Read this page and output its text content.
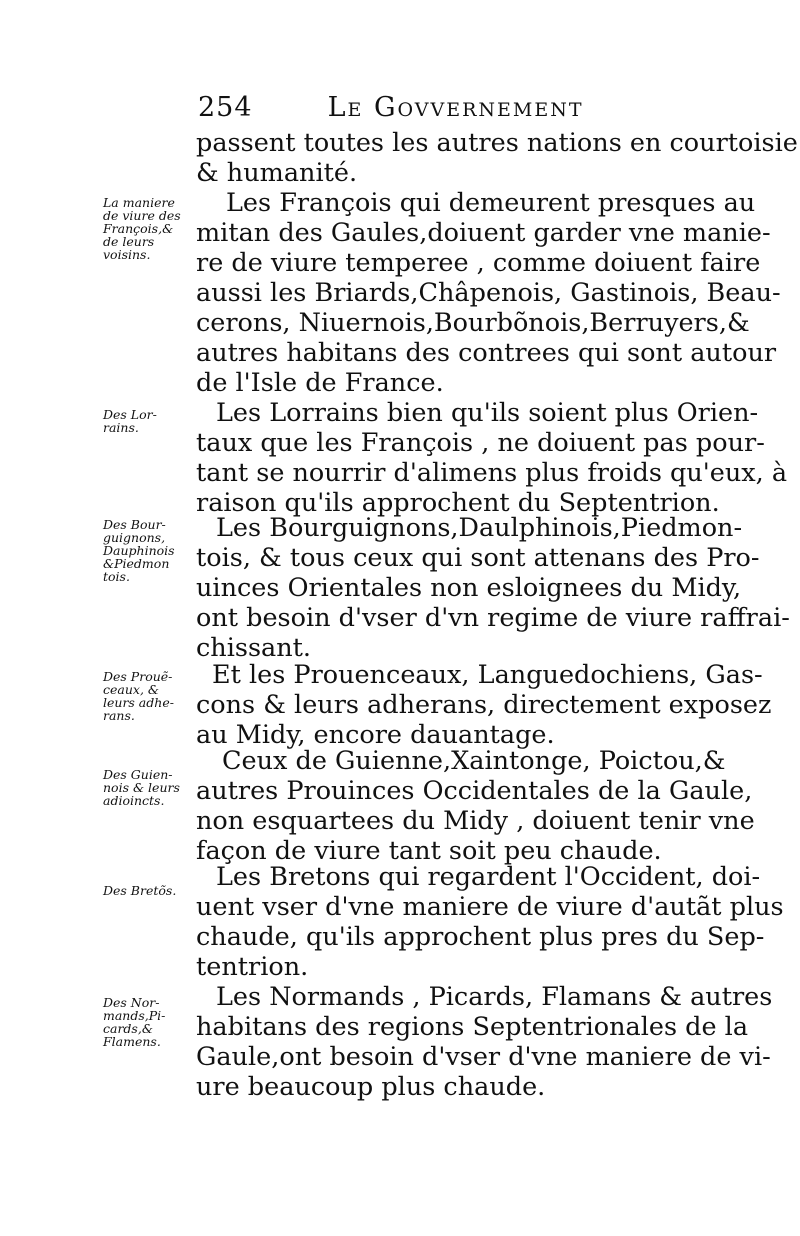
254	Le Govvernement

passent toutes les autres nations en courtoisie

& humanité.

Les François qui demeurent presques au

mitan des Gaules,doiuent garder vne manie-

re de viure temperee , comme doiuent faire

aussi les Briards,Châpenois, Gastinois, Beau-

cerons, Niuernois,Bourbõnois,Berruyers,&

autres habitans des contrees qui sont autour

de l'Isle de France.

Les Lorrains bien qu'ils soient plus Orien-

taux que les François , ne doiuent pas pour-

tant se nourrir d'alimens plus froids qu'eux, à

raison qu'ils approchent du Septentrion.

Les Bourguignons,Daulphinois,Piedmon-

tois, & tous ceux qui sont attenans des Pro-

uinces Orientales non esloignees du Midy,

ont besoin d'vser d'vn regime de viure raffrai-

chissant.

Et les Prouenceaux, Languedochiens, Gas-

cons & leurs adherans, directement exposez

au Midy, encore dauantage.

Ceux de Guienne,Xaintonge, Poictou,&

autres Prouinces Occidentales de la Gaule,

non esquartees du Midy , doiuent tenir vne

façon de viure tant soit peu chaude.

Les Bretons qui regardent l'Occident, doi-

uent vser d'vne maniere de viure d'autãt plus

chaude, qu'ils approchent plus pres du Sep-

tentrion.

Les Normands , Picards, Flamans & autres

habitans des regions Septentrionales de la

Gaule,ont besoin d'vser d'vne maniere de vi-

ure beaucoup plus chaude.

La maniere

de viure des

François,&

de leurs

voisins.

Des Lor-

rains.

Des Bour-

guignons,

Dauphinois

&Piedmon

tois.

Des Prouẽ-

ceaux, &

leurs adhe-

rans.

Des Guien-

nois & leurs

adioincts.

Des Bretõs.

Des Nor-

mands,Pi-

cards,&

Flamens.
